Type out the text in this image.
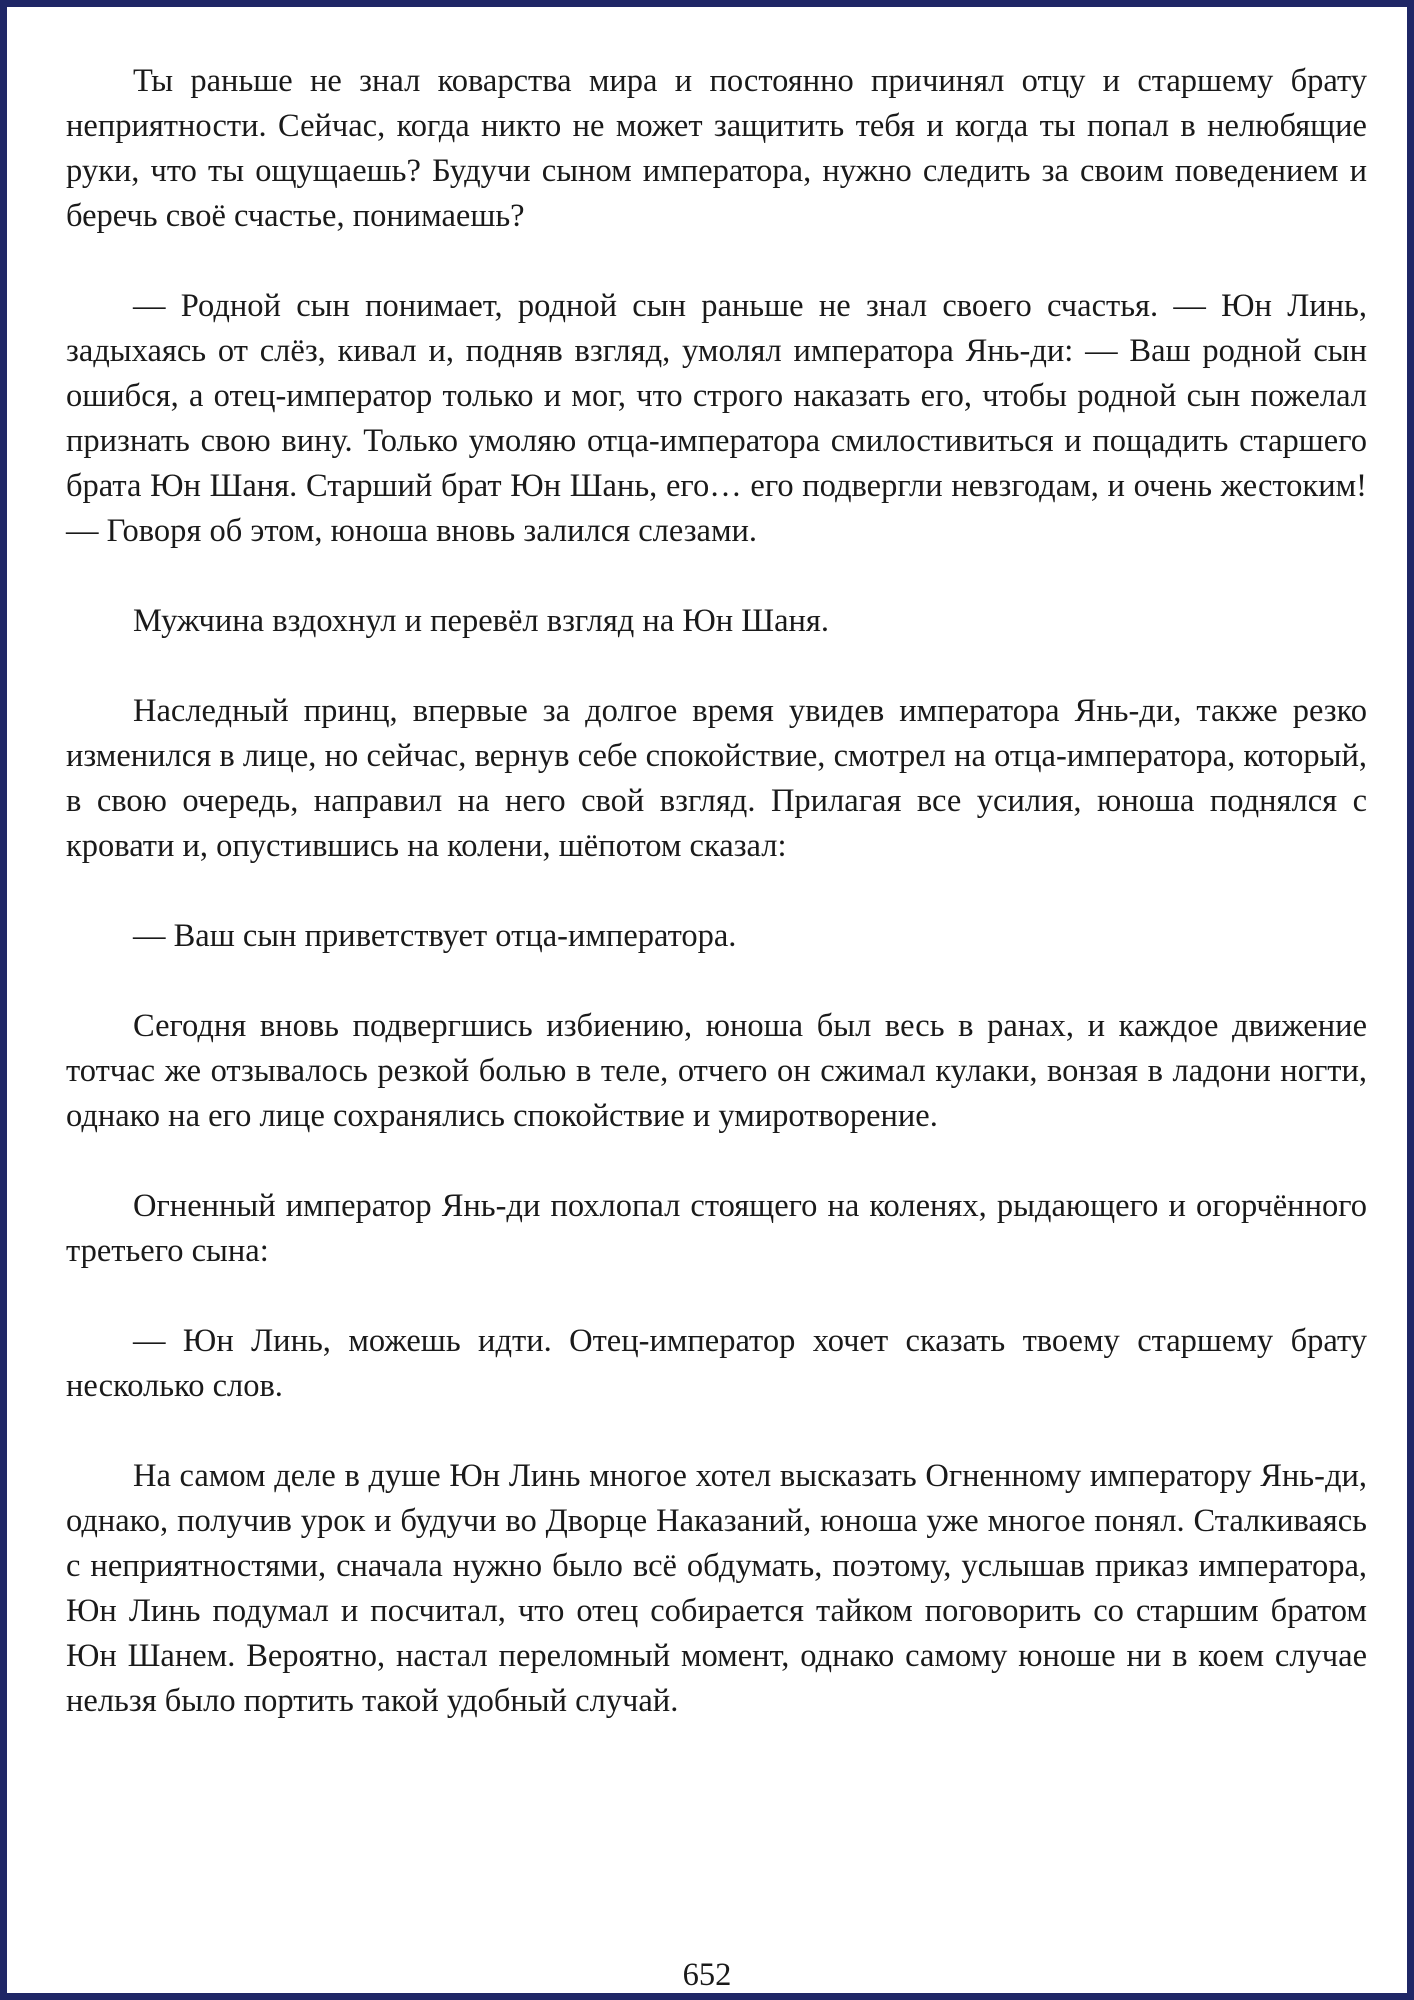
Ты раньше не знал коварства мира и постоянно причинял отцу и старшему брату неприятности. Сейчас, когда никто не может защитить тебя и когда ты попал в нелюбящие руки, что ты ощущаешь? Будучи сыном императора, нужно следить за своим поведением и беречь своё счастье, понимаешь?

— Родной сын понимает, родной сын раньше не знал своего счастья. — Юн Линь, задыхаясь от слёз, кивал и, подняв взгляд, умолял императора Янь-ди: — Ваш родной сын ошибся, а отец-император только и мог, что строго наказать его, чтобы родной сын пожелал признать свою вину. Только умоляю отца-императора смилостивиться и пощадить старшего брата Юн Шаня. Старший брат Юн Шань, его… его подвергли невзгодам, и очень жестоким! — Говоря об этом, юноша вновь залился слезами.

Мужчина вздохнул и перевёл взгляд на Юн Шаня.

Наследный принц, впервые за долгое время увидев императора Янь-ди, также резко изменился в лице, но сейчас, вернув себе спокойствие, смотрел на отца-императора, который, в свою очередь, направил на него свой взгляд. Прилагая все усилия, юноша поднялся с кровати и, опустившись на колени, шёпотом сказал:

— Ваш сын приветствует отца-императора.

Сегодня вновь подвергшись избиению, юноша был весь в ранах, и каждое движение тотчас же отзывалось резкой болью в теле, отчего он сжимал кулаки, вонзая в ладони ногти, однако на его лице сохранялись спокойствие и умиротворение.

Огненный император Янь-ди похлопал стоящего на коленях, рыдающего и огорчённого третьего сына:

— Юн Линь, можешь идти. Отец-император хочет сказать твоему старшему брату несколько слов.

На самом деле в душе Юн Линь многое хотел высказать Огненному императору Янь-ди, однако, получив урок и будучи во Дворце Наказаний, юноша уже многое понял. Сталкиваясь с неприятностями, сначала нужно было всё обдумать, поэтому, услышав приказ императора, Юн Линь подумал и посчитал, что отец собирается тайком поговорить со старшим братом Юн Шанем. Вероятно, настал переломный момент, однако самому юноше ни в коем случае нельзя было портить такой удобный случай.

652
